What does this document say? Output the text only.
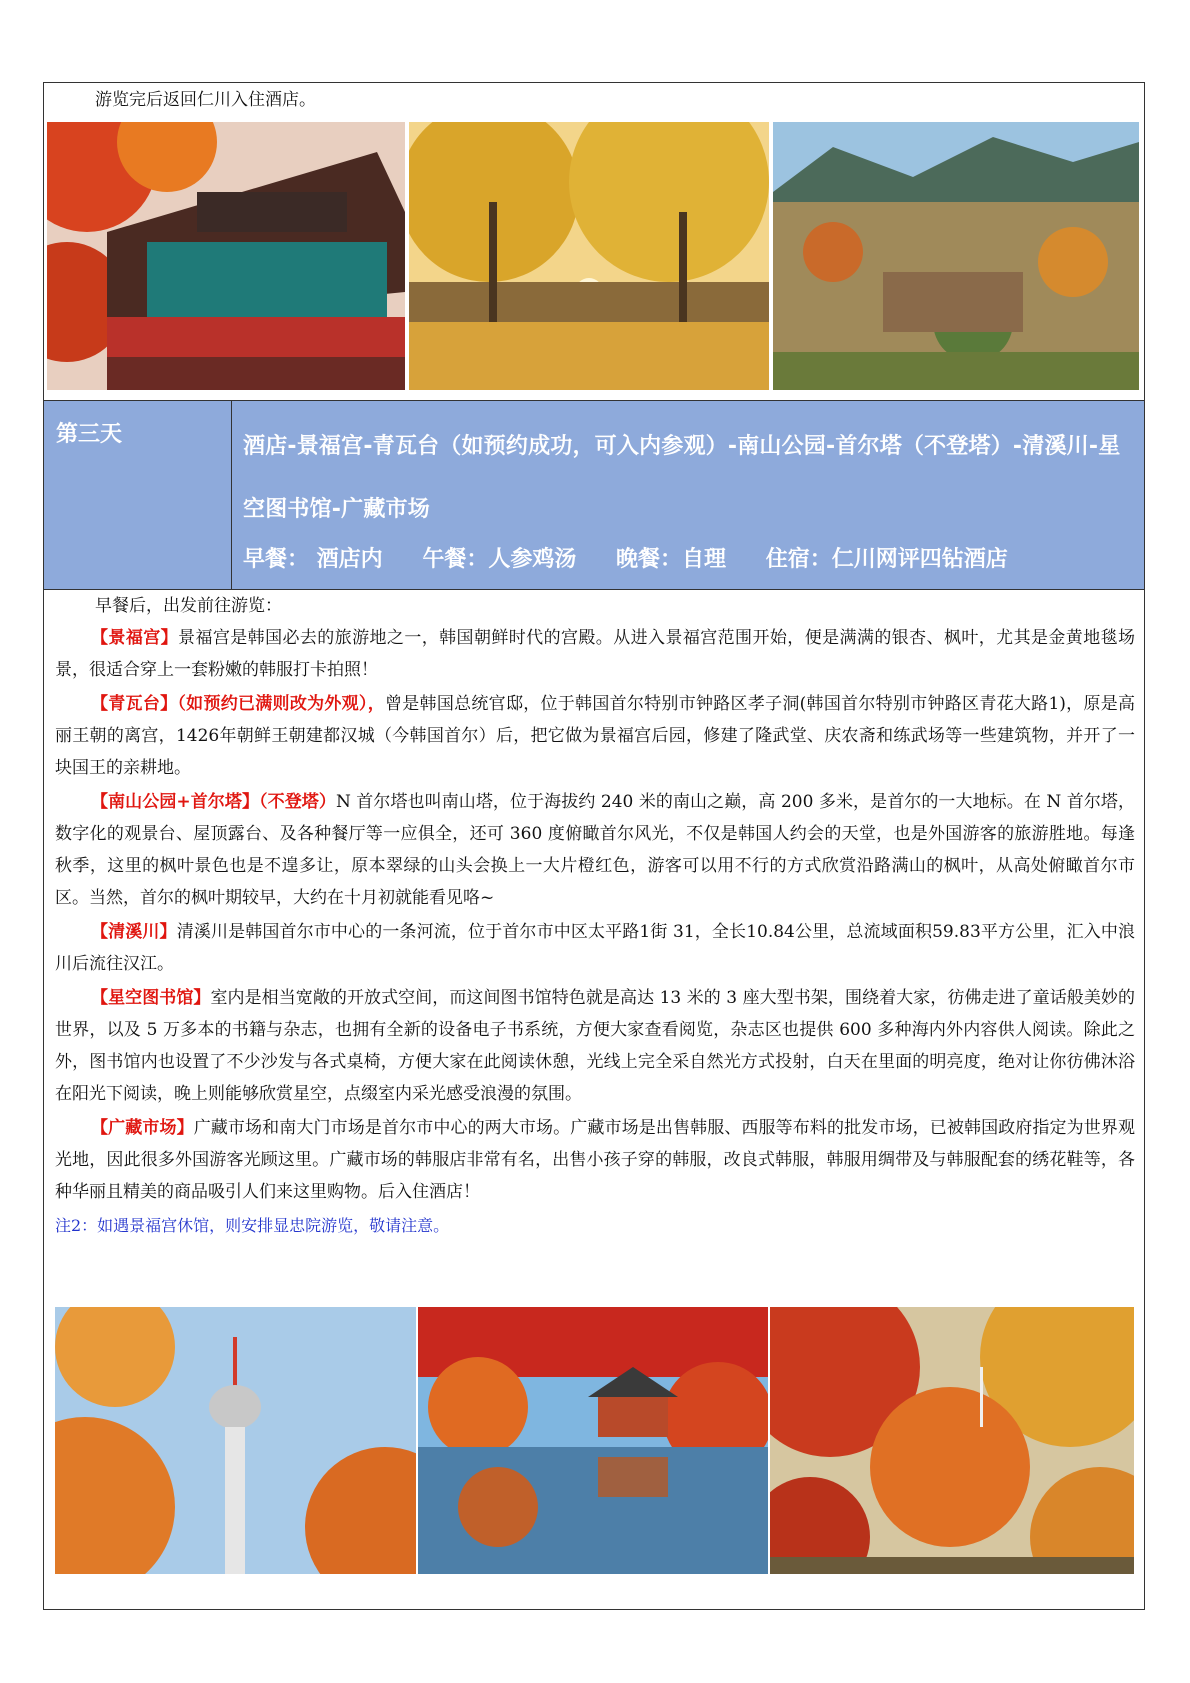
游览完后返回仁川入住酒店。
第三天	酒店-景福宫-青瓦台（如预约成功，可入内参观）-南山公园-首尔塔（不登塔）-清溪川-星空图书馆-广藏市场
早餐： 酒店内 午餐：人参鸡汤 晚餐：自理 住宿：仁川网评四钻酒店

早餐后，出发前往游览：

【景福宫】景福宫是韩国必去的旅游地之一，韩国朝鲜时代的宫殿。从进入景福宫范围开始，便是满满的银杏、枫叶，尤其是金黄地毯场景，很适合穿上一套粉嫩的韩服打卡拍照！

【青瓦台】（如预约已满则改为外观），曾是韩国总统官邸，位于韩国首尔特别市钟路区孝子洞(韩国首尔特别市钟路区青花大路1)，原是高丽王朝的离宫，1426年朝鲜王朝建都汉城（今韩国首尔）后，把它做为景福宫后园，修建了隆武堂、庆农斋和练武场等一些建筑物，并开了一块国王的亲耕地。

【南山公园+首尔塔】（不登塔）N 首尔塔也叫南山塔，位于海拔约 240 米的南山之巅，高 200 多米，是首尔的一大地标。在 N 首尔塔，数字化的观景台、屋顶露台、及各种餐厅等一应俱全，还可 360 度俯瞰首尔风光，不仅是韩国人约会的天堂，也是外国游客的旅游胜地。每逢秋季，这里的枫叶景色也是不遑多让，原本翠绿的山头会换上一大片橙红色，游客可以用不行的方式欣赏沿路满山的枫叶，从高处俯瞰首尔市区。当然，首尔的枫叶期较早，大约在十月初就能看见咯~

【清溪川】清溪川是韩国首尔市中心的一条河流，位于首尔市中区太平路1街 31，全长10.84公里，总流域面积59.83平方公里，汇入中浪川后流往汉江。

【星空图书馆】室内是相当宽敞的开放式空间，而这间图书馆特色就是高达 13 米的 3 座大型书架，围绕着大家，彷佛走进了童话般美妙的世界，以及 5 万多本的书籍与杂志，也拥有全新的设备电子书系统，方便大家查看阅览，杂志区也提供 600 多种海内外内容供人阅读。除此之外，图书馆内也设置了不少沙发与各式桌椅，方便大家在此阅读休憩，光线上完全采自然光方式投射，白天在里面的明亮度，绝对让你彷佛沐浴在阳光下阅读，晚上则能够欣赏星空，点缀室内采光感受浪漫的氛围。

【广藏市场】广藏市场和南大门市场是首尔市中心的两大市场。广藏市场是出售韩服、西服等布料的批发市场，已被韩国政府指定为世界观光地，因此很多外国游客光顾这里。广藏市场的韩服店非常有名，出售小孩子穿的韩服，改良式韩服，韩服用绸带及与韩服配套的绣花鞋等，各种华丽且精美的商品吸引人们来这里购物。后入住酒店！

注2：如遇景福宫休馆，则安排显忠院游览，敬请注意。
